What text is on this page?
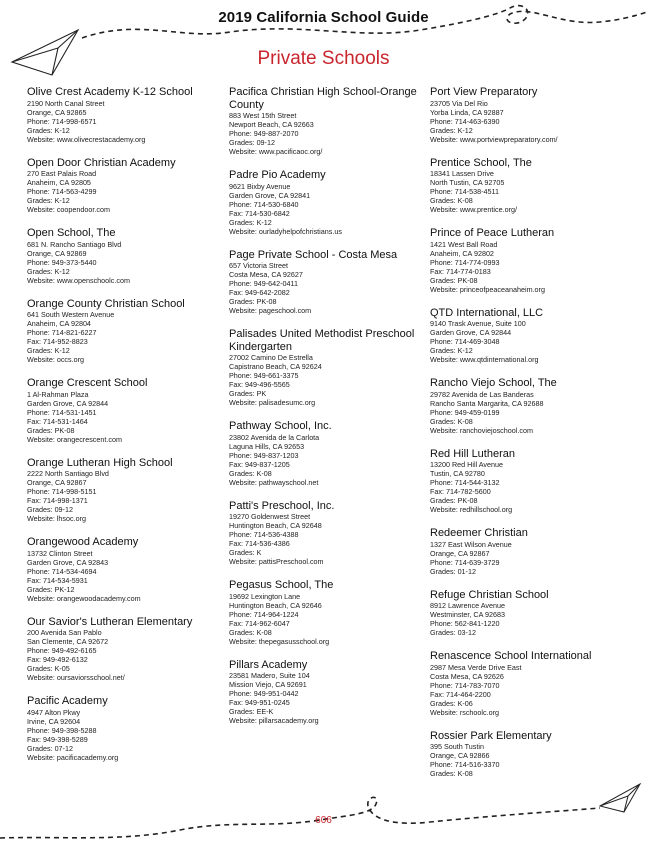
2019 California School Guide
Private Schools
Olive Crest Academy K-12 School
2190 North Canal Street
Orange, CA 92865
Phone: 714-998-6571
Grades: K-12
Website: www.olivecrestacademy.org
Open Door Christian Academy
270 East Palais Road
Anaheim, CA 92805
Phone: 714-563-4299
Grades: K-12
Website: coopendoor.com
Open School, The
681 N. Rancho Santiago Blvd
Orange, CA 92869
Phone: 949-373-5440
Grades: K-12
Website: www.openschoolc.com
Orange County Christian School
641 South Western Avenue
Anaheim, CA 92804
Phone: 714-821-6227
Fax: 714-952-8823
Grades: K-12
Website: occs.org
Orange Crescent School
1 Al-Rahman Plaza
Garden Grove, CA 92844
Phone: 714-531-1451
Fax: 714-531-1464
Grades: PK-08
Website: orangecrescent.com
Orange Lutheran High School
2222 North Santiago Blvd
Orange, CA 92867
Phone: 714-998-5151
Fax: 714-998-1371
Grades: 09-12
Website: lhsoc.org
Orangewood Academy
13732 Clinton Street
Garden Grove, CA 92843
Phone: 714-534-4694
Fax: 714-534-5931
Grades: PK-12
Website: orangewoodacademy.com
Our Savior's Lutheran Elementary
200 Avenida San Pablo
San Clemente, CA 92672
Phone: 949-492-6165
Fax: 949-492-6132
Grades: K-05
Website: oursaviorsschool.net/
Pacific Academy
4947 Alton Pkwy
Irvine, CA 92604
Phone: 949-398-5288
Fax: 949-398-5289
Grades: 07-12
Website: pacificacademy.org
Pacifica Christian High School-Orange County
883 West 15th Street
Newport Beach, CA 92663
Phone: 949-887-2070
Grades: 09-12
Website: www.pacificaoc.org/
Padre Pio Academy
9621 Bixby Avenue
Garden Grove, CA 92841
Phone: 714-530-6840
Fax: 714-530-6842
Grades: K-12
Website: ourladyhelpofchristians.us
Page Private School - Costa Mesa
657 Victoria Street
Costa Mesa, CA 92627
Phone: 949-642-0411
Fax: 949-642-2082
Grades: PK-08
Website: pageschool.com
Palisades United Methodist Preschool Kindergarten
27002 Camino De Estrella
Capistrano Beach, CA 92624
Phone: 949-661-3375
Fax: 949-496-5565
Grades: PK
Website: palisadesumc.org
Pathway School, Inc.
23802 Avenida de la Carlota
Laguna Hills, CA 92653
Phone: 949-837-1203
Fax: 949-837-1205
Grades: K-08
Website: pathwayschool.net
Patti's Preschool, Inc.
19270 Goldenwest Street
Huntington Beach, CA 92648
Phone: 714-536-4388
Fax: 714-536-4386
Grades: K
Website: pattisPreschool.com
Pegasus School, The
19692 Lexington Lane
Huntington Beach, CA 92646
Phone: 714-964-1224
Fax: 714-962-6047
Grades: K-08
Website: thepegasusschool.org
Pillars Academy
23581 Madero, Suite 104
Mission Viejo, CA 92691
Phone: 949-951-0442
Fax: 949-951-0245
Grades: EE-K
Website: pillarsacademy.org
Port View Preparatory
23705 Via Del Rio
Yorba Linda, CA 92887
Phone: 714-463-6390
Grades: K-12
Website: www.portviewpreparatory.com/
Prentice School, The
18341 Lassen Drive
North Tustin, CA 92705
Phone: 714-538-4511
Grades: K-08
Website: www.prentice.org/
Prince of Peace Lutheran
1421 West Ball Road
Anaheim, CA 92802
Phone: 714-774-0993
Fax: 714-774-0183
Grades: PK-08
Website: princeofpeaceanaheim.org
QTD International, LLC
9140 Trask Avenue, Suite 100
Garden Grove, CA 92844
Phone: 714-469-3048
Grades: K-12
Website: www.qtdinternational.org
Rancho Viejo School, The
29782 Avenida de Las Banderas
Rancho Santa Margarita, CA 92688
Phone: 949-459-0199
Grades: K-08
Website: ranchoviejoschool.com
Red Hill Lutheran
13200 Red Hill Avenue
Tustin, CA 92780
Phone: 714-544-3132
Fax: 714-782-5600
Grades: PK-08
Website: redhillschool.org
Redeemer Christian
1327 East Wilson Avenue
Orange, CA 92867
Phone: 714-639-3729
Grades: 01-12
Refuge Christian School
8912 Lawrence Avenue
Westminster, CA 92683
Phone: 562-841-1220
Grades: 03-12
Renascence School International
2987 Mesa Verde Drive East
Costa Mesa, CA 92626
Phone: 714-783-7070
Fax: 714-464-2200
Grades: K-06
Website: rschoolc.org
Rossier Park Elementary
395 South Tustin
Orange, CA 92866
Phone: 714-516-3370
Grades: K-08
606
